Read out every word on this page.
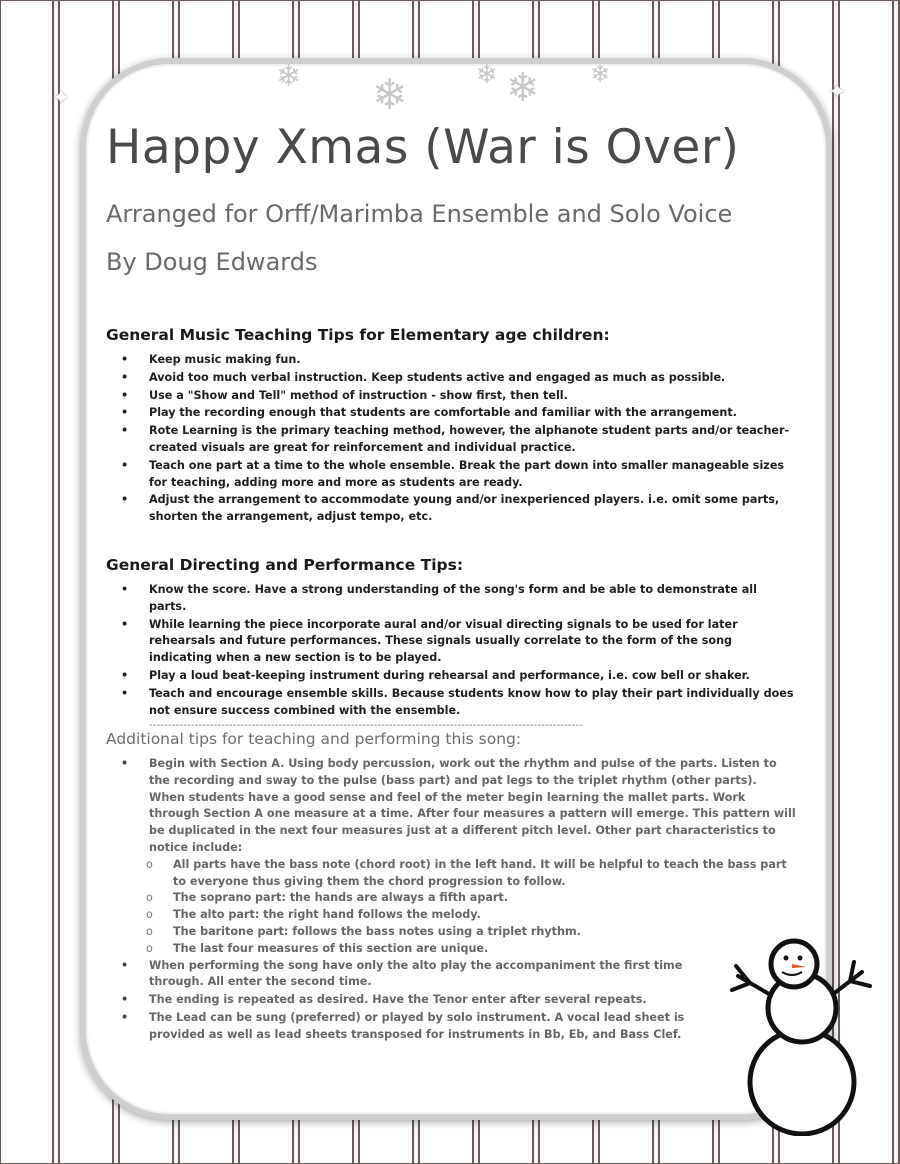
✦	✦
❄ ❄	❄ ❄ ❄
Happy Xmas (War is Over)
Arranged for Orff/Marimba Ensemble and Solo Voice
By Doug Edwards
General Music Teaching Tips for Elementary age children:
• Keep music making fun.
• Avoid too much verbal instruction. Keep students active and engaged as much as possible.
• Use a "Show and Tell" method of instruction - show first, then tell.
• Play the recording enough that students are comfortable and familiar with the arrangement.
• Rote Learning is the primary teaching method, however, the alphanote student parts and/or teacher-created visuals are great for reinforcement and individual practice.
• Teach one part at a time to the whole ensemble. Break the part down into smaller manageable sizes for teaching, adding more and more as students are ready.
• Adjust the arrangement to accommodate young and/or inexperienced players. i.e. omit some parts, shorten the arrangement, adjust tempo, etc.
General Directing and Performance Tips:
• Know the score. Have a strong understanding of the song's form and be able to demonstrate all parts.
• While learning the piece incorporate aural and/or visual directing signals to be used for later rehearsals and future performances. These signals usually correlate to the form of the song indicating when a new section is to be played.
• Play a loud beat-keeping instrument during rehearsal and performance, i.e. cow bell or shaker.
• Teach and encourage ensemble skills. Because students know how to play their part individually does not ensure success combined with the ensemble.
------------------------------------------------------------------------------------------------------------------
Additional tips for teaching and performing this song:
• Begin with Section A. Using body percussion, work out the rhythm and pulse of the parts. Listen to the recording and sway to the pulse (bass part) and pat legs to the triplet rhythm (other parts). When students have a good sense and feel of the meter begin learning the mallet parts. Work through Section A one measure at a time. After four measures a pattern will emerge. This pattern will be duplicated in the next four measures just at a different pitch level. Other part characteristics to notice include:
o All parts have the bass note (chord root) in the left hand. It will be helpful to teach the bass part to everyone thus giving them the chord progression to follow.
o The soprano part: the hands are always a fifth apart.
o The alto part: the right hand follows the melody.
o The baritone part: follows the bass notes using a triplet rhythm.
o The last four measures of this section are unique.
• When performing the song have only the alto play the accompaniment the first time through. All enter the second time.
• The ending is repeated as desired. Have the Tenor enter after several repeats.
• The Lead can be sung (preferred) or played by solo instrument. A vocal lead sheet is provided as well as lead sheets transposed for instruments in Bb, Eb, and Bass Clef.
